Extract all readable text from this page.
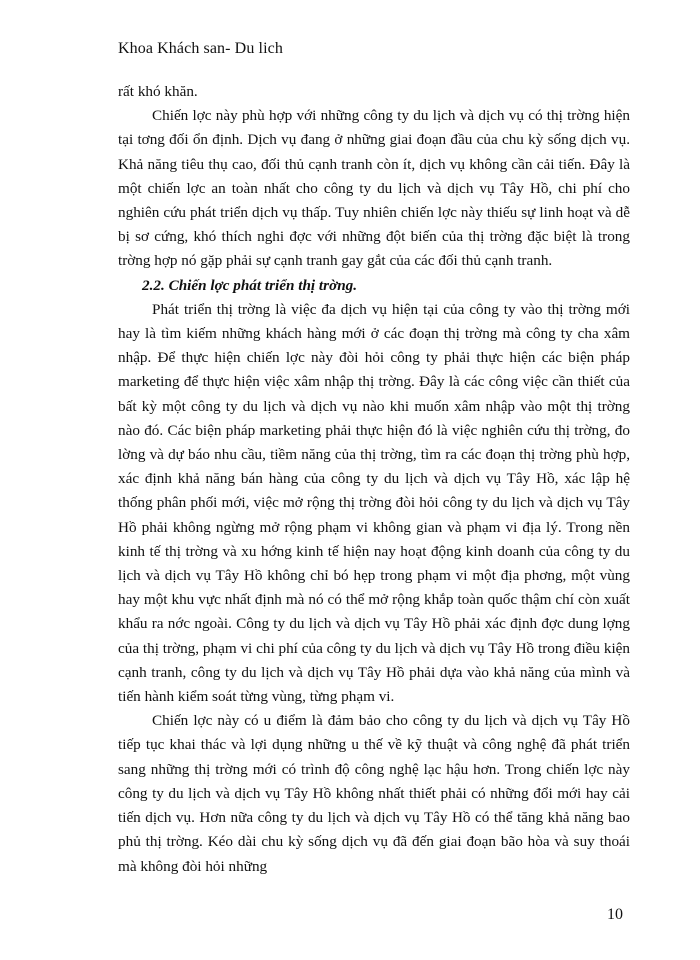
Khoa Khách san- Du lich

rất khó khăn.

Chiến lợc này phù hợp với những công ty du lịch và dịch vụ có thị trờng hiện tại tơng đối ổn định. Dịch vụ đang ở những giai đoạn đầu của chu kỳ sống dịch vụ. Khả năng tiêu thụ cao, đối thủ cạnh tranh còn ít, dịch vụ không cần cải tiến. Đây là một chiến lợc an toàn nhất cho công ty du lịch và dịch vụ Tây Hồ, chi phí cho nghiên cứu phát triển dịch vụ thấp. Tuy nhiên chiến lợc này thiếu sự linh hoạt và dễ bị sơ cứng, khó thích nghi đợc với những đột biến của thị trờng đặc biệt là trong trờng hợp nó gặp phải sự cạnh tranh gay gắt của các đối thủ cạnh tranh.

2.2. Chiến lợc phát triển thị trờng.

Phát triển thị trờng là việc đa dịch vụ hiện tại của công ty vào thị trờng mới hay là tìm kiếm những khách hàng mới ở các đoạn thị trờng mà công ty cha xâm nhập. Để thực hiện chiến lợc này đòi hỏi công ty phải thực hiện các biện pháp marketing để thực hiện việc xâm nhập thị trờng. Đây là các công việc cần thiết của bất kỳ một công ty du lịch và dịch vụ nào khi muốn xâm nhập vào một thị trờng nào đó. Các biện pháp marketing phải thực hiện đó là việc nghiên cứu thị trờng, đo lờng và dự báo nhu cầu, tiềm năng của thị trờng, tìm ra các đoạn thị trờng phù hợp, xác định khả năng bán hàng của công ty du lịch và dịch vụ Tây Hồ, xác lập hệ thống phân phối mới, việc mở rộng thị trờng đòi hỏi công ty du lịch và dịch vụ Tây Hồ phải không ngừng mở rộng phạm vi không gian và phạm vi địa lý. Trong nền kinh tế thị trờng và xu hớng kinh tế hiện nay hoạt động kinh doanh của công ty du lịch và dịch vụ Tây Hồ không chỉ bó hẹp trong phạm vi một địa phơng, một vùng hay một khu vực nhất định mà nó có thể mở rộng khắp toàn quốc thậm chí còn xuất khẩu ra nớc ngoài. Công ty du lịch và dịch vụ Tây Hồ phải xác định đợc dung lợng của thị trờng, phạm vi chi phí của công ty du lịch và dịch vụ Tây Hồ trong điều kiện cạnh tranh, công ty du lịch và dịch vụ Tây Hồ phải dựa vào khả năng của mình và tiến hành kiểm soát từng vùng, từng phạm vi.

Chiến lợc này có u điểm là đảm bảo cho công ty du lịch và dịch vụ Tây Hồ tiếp tục khai thác và lợi dụng những u thế về kỹ thuật và công nghệ đã phát triển sang những thị trờng mới có trình độ công nghệ lạc hậu hơn. Trong chiến lợc này công ty du lịch và dịch vụ Tây Hồ không nhất thiết phải có những đổi mới hay cải tiến dịch vụ. Hơn nữa công ty du lịch và dịch vụ Tây Hồ có thể tăng khả năng bao phủ thị trờng. Kéo dài chu kỳ sống dịch vụ đã đến giai đoạn bão hòa và suy thoái mà không đòi hỏi những

10
